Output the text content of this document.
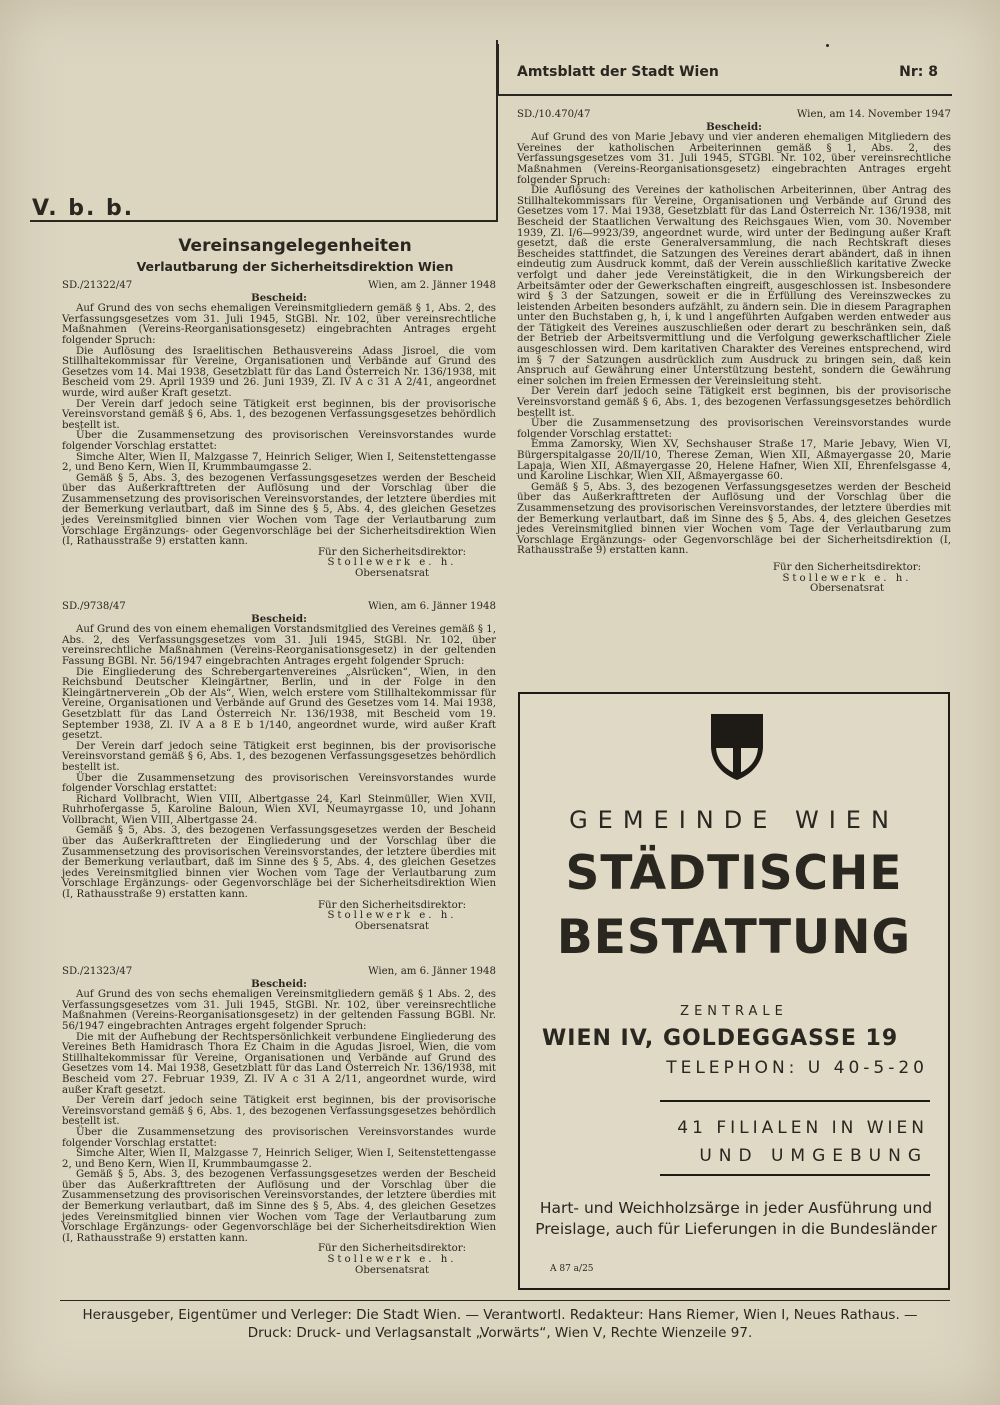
V. b. b.
Amtsblatt der Stadt Wien	Nr: 8
Vereinsangelegenheiten
Verlautbarung der Sicherheitsdirektion Wien
SD./21322/47	Wien, am 2. Jänner 1948
Bescheid:

Auf Grund des von sechs ehemaligen Vereinsmitgliedern gemäß § 1, Abs. 2, des Verfassungsgesetzes vom 31. Juli 1945, StGBl. Nr. 102, über vereinsrechtliche Maßnahmen (Vereins-Reorganisationsgesetz) eingebrachten Antrages ergeht folgender Spruch:

Die Auflösung des Israelitischen Bethausvereins Adass Jisroel, die vom Stillhaltekommissar für Vereine, Organisationen und Verbände auf Grund des Gesetzes vom 14. Mai 1938, Gesetzblatt für das Land Österreich Nr. 136/1938, mit Bescheid vom 29. April 1939 und 26. Juni 1939, Zl. IV A c 31 A 2/41, angeordnet wurde, wird außer Kraft gesetzt.

Der Verein darf jedoch seine Tätigkeit erst beginnen, bis der provisorische Vereinsvorstand gemäß § 6, Abs. 1, des bezogenen Verfassungsgesetzes behördlich bestellt ist.

Über die Zusammensetzung des provisorischen Vereinsvorstandes wurde folgender Vorschlag erstattet:

Simche Alter, Wien II, Malzgasse 7, Heinrich Seliger, Wien I, Seitenstettengasse 2, und Beno Kern, Wien II, Krummbaumgasse 2.

Gemäß § 5, Abs. 3, des bezogenen Verfassungsgesetzes werden der Bescheid über das Außerkrafttreten der Auflösung und der Vorschlag über die Zusammensetzung des provisorischen Vereinsvorstandes, der letztere überdies mit der Bemerkung verlautbart, daß im Sinne des § 5, Abs. 4, des gleichen Gesetzes jedes Vereinsmitglied binnen vier Wochen vom Tage der Verlautbarung zum Vorschlage Ergänzungs- oder Gegenvorschläge bei der Sicherheitsdirektion Wien (I, Rathausstraße 9) erstatten kann.

Für den Sicherheitsdirektor:
Stollewerk e. h.
Obersenatsrat
SD./9738/47	Wien, am 6. Jänner 1948
Bescheid:

Auf Grund des von einem ehemaligen Vorstandsmitglied des Vereines gemäß § 1, Abs. 2, des Verfassungsgesetzes vom 31. Juli 1945, StGBl. Nr. 102, über vereinsrechtliche Maßnahmen (Vereins-Reorganisationsgesetz) in der geltenden Fassung BGBl. Nr. 56/1947 eingebrachten Antrages ergeht folgender Spruch:

Die Eingliederung des Schrebergartenvereines „Alsrücken“, Wien, in den Reichsbund Deutscher Kleingärtner, Berlin, und in der Folge in den Kleingärtnerverein „Ob der Als“, Wien, welch erstere vom Stillhaltekommissar für Vereine, Organisationen und Verbände auf Grund des Gesetzes vom 14. Mai 1938, Gesetzblatt für das Land Österreich Nr. 136/1938, mit Bescheid vom 19. September 1938, Zl. IV A a 8 E b 1/140, angeordnet wurde, wird außer Kraft gesetzt.

Der Verein darf jedoch seine Tätigkeit erst beginnen, bis der provisorische Vereinsvorstand gemäß § 6, Abs. 1, des bezogenen Verfassungsgesetzes behördlich bestellt ist.

Über die Zusammensetzung des provisorischen Vereinsvorstandes wurde folgender Vorschlag erstattet:

Richard Vollbracht, Wien VIII, Albertgasse 24, Karl Steinmüller, Wien XVII, Ruhrhofergasse 5, Karoline Baloun, Wien XVI, Neumayrgasse 10, und Johann Vollbracht, Wien VIII, Albertgasse 24.

Gemäß § 5, Abs. 3, des bezogenen Verfassungsgesetzes werden der Bescheid über das Außerkrafttreten der Eingliederung und der Vorschlag über die Zusammensetzung des provisorischen Vereinsvorstandes, der letztere überdies mit der Bemerkung verlautbart, daß im Sinne des § 5, Abs. 4, des gleichen Gesetzes jedes Vereinsmitglied binnen vier Wochen vom Tage der Verlautbarung zum Vorschlage Ergänzungs- oder Gegenvorschläge bei der Sicherheitsdirektion Wien (I, Rathausstraße 9) erstatten kann.

Für den Sicherheitsdirektor:
Stollewerk e. h.
Obersenatsrat
SD./21323/47	Wien, am 6. Jänner 1948
Bescheid:

Auf Grund des von sechs ehemaligen Vereinsmitgliedern gemäß § 1 Abs. 2, des Verfassungsgesetzes vom 31. Juli 1945, StGBl. Nr. 102, über vereinsrechtliche Maßnahmen (Vereins-Reorganisationsgesetz) in der geltenden Fassung BGBl. Nr. 56/1947 eingebrachten Antrages ergeht folgender Spruch:

Die mit der Aufhebung der Rechtspersönlichkeit verbundene Eingliederung des Vereines Beth Hamidrasch Thora Ez Chaim in die Agudas Jisroel, Wien, die vom Stillhaltekommissar für Vereine, Organisationen und Verbände auf Grund des Gesetzes vom 14. Mai 1938, Gesetzblatt für das Land Österreich Nr. 136/1938, mit Bescheid vom 27. Februar 1939, Zl. IV A c 31 A 2/11, angeordnet wurde, wird außer Kraft gesetzt.

Der Verein darf jedoch seine Tätigkeit erst beginnen, bis der provisorische Vereinsvorstand gemäß § 6, Abs. 1, des bezogenen Verfassungsgesetzes behördlich bestellt ist.

Über die Zusammensetzung des provisorischen Vereinsvorstandes wurde folgender Vorschlag erstattet:

Simche Alter, Wien II, Malzgasse 7, Heinrich Seliger, Wien I, Seitenstettengasse 2, und Beno Kern, Wien II, Krummbaumgasse 2.

Gemäß § 5, Abs. 3, des bezogenen Verfassungsgesetzes werden der Bescheid über das Außerkrafttreten der Auflösung und der Vorschlag über die Zusammensetzung des provisorischen Vereinsvorstandes, der letztere überdies mit der Bemerkung verlautbart, daß im Sinne des § 5, Abs. 4, des gleichen Gesetzes jedes Vereinsmitglied binnen vier Wochen vom Tage der Verlautbarung zum Vorschlage Ergänzungs- oder Gegenvorschläge bei der Sicherheitsdirektion Wien (I, Rathausstraße 9) erstatten kann.

Für den Sicherheitsdirektor:
Stollewerk e. h.
Obersenatsrat
SD./10.470/47	Wien, am 14. November 1947
Bescheid:

Auf Grund des von Marie Jebavy und vier anderen ehemaligen Mitgliedern des Vereines der katholischen Arbeiterinnen gemäß § 1, Abs. 2, des Verfassungsgesetzes vom 31. Juli 1945, STGBl. Nr. 102, über vereinsrechtliche Maßnahmen (Vereins-Reorganisationsgesetz) eingebrachten Antrages ergeht folgender Spruch:

Die Auflösung des Vereines der katholischen Arbeiterinnen, über Antrag des Stillhaltekommissars für Vereine, Organisationen und Verbände auf Grund des Gesetzes vom 17. Mai 1938, Gesetzblatt für das Land Österreich Nr. 136/1938, mit Bescheid der Staatlichen Verwaltung des Reichsgaues Wien, vom 30. November 1939, Zl. I/6—9923/39, angeordnet wurde, wird unter der Bedingung außer Kraft gesetzt, daß die erste Generalversammlung, die nach Rechtskraft dieses Bescheides stattfindet, die Satzungen des Vereines derart abändert, daß in ihnen eindeutig zum Ausdruck kommt, daß der Verein ausschließlich karitative Zwecke verfolgt und daher jede Vereinstätigkeit, die in den Wirkungsbereich der Arbeitsämter oder der Gewerkschaften eingreift, ausgeschlossen ist. Insbesondere wird § 3 der Satzungen, soweit er die in Erfüllung des Vereinszweckes zu leistenden Arbeiten besonders aufzählt, zu ändern sein. Die in diesem Paragraphen unter den Buchstaben g, h, i, k und l angeführten Aufgaben werden entweder aus der Tätigkeit des Vereines auszuschließen oder derart zu beschränken sein, daß der Betrieb der Arbeitsvermittlung und die Verfolgung gewerkschaftlicher Ziele ausgeschlossen wird. Dem karitativen Charakter des Vereines entsprechend, wird im § 7 der Satzungen ausdrücklich zum Ausdruck zu bringen sein, daß kein Anspruch auf Gewährung einer Unterstützung besteht, sondern die Gewährung einer solchen im freien Ermessen der Vereinsleitung steht.

Der Verein darf jedoch seine Tätigkeit erst beginnen, bis der provisorische Vereinsvorstand gemäß § 6, Abs. 1, des bezogenen Verfassungsgesetzes behördlich bestellt ist.

Über die Zusammensetzung des provisorischen Vereinsvorstandes wurde folgender Vorschlag erstattet:

Emma Zamorsky, Wien XV, Sechshauser Straße 17, Marie Jebavy, Wien VI, Bürgerspitalgasse 20/II/10, Therese Zeman, Wien XII, Aßmayergasse 20, Marie Lapaja, Wien XII, Aßmayergasse 20, Helene Hafner, Wien XII, Ehrenfelsgasse 4, und Karoline Lischkar, Wien XII, Aßmayergasse 60.

Gemäß § 5, Abs. 3, des bezogenen Verfassungsgesetzes werden der Bescheid über das Außerkrafttreten der Auflösung und der Vorschlag über die Zusammensetzung des provisorischen Vereinsvorstandes, der letztere überdies mit der Bemerkung verlautbart, daß im Sinne des § 5, Abs. 4, des gleichen Gesetzes jedes Vereinsmitglied binnen vier Wochen vom Tage der Verlautbarung zum Vorschlage Ergänzungs- oder Gegenvorschläge bei der Sicherheitsdirektion (I, Rathausstraße 9) erstatten kann.

Für den Sicherheitsdirektor:
Stollewerk e. h.
Obersenatsrat
GEMEINDE WIEN
STÄDTISCHE
BESTATTUNG
ZENTRALE
WIEN IV, GOLDEGGASSE 19
TELEPHON: U 40-5-20
41 FILIALEN IN WIEN
UND UMGEBUNG
Hart- und Weichholzsärge in jeder Ausführung und Preislage, auch für Lieferungen in die Bundesländer
A 87 a/25
Herausgeber, Eigentümer und Verleger: Die Stadt Wien. — Verantwortl. Redakteur: Hans Riemer, Wien I, Neues Rathaus. —
Druck: Druck- und Verlagsanstalt „Vorwärts“, Wien V, Rechte Wienzeile 97.
